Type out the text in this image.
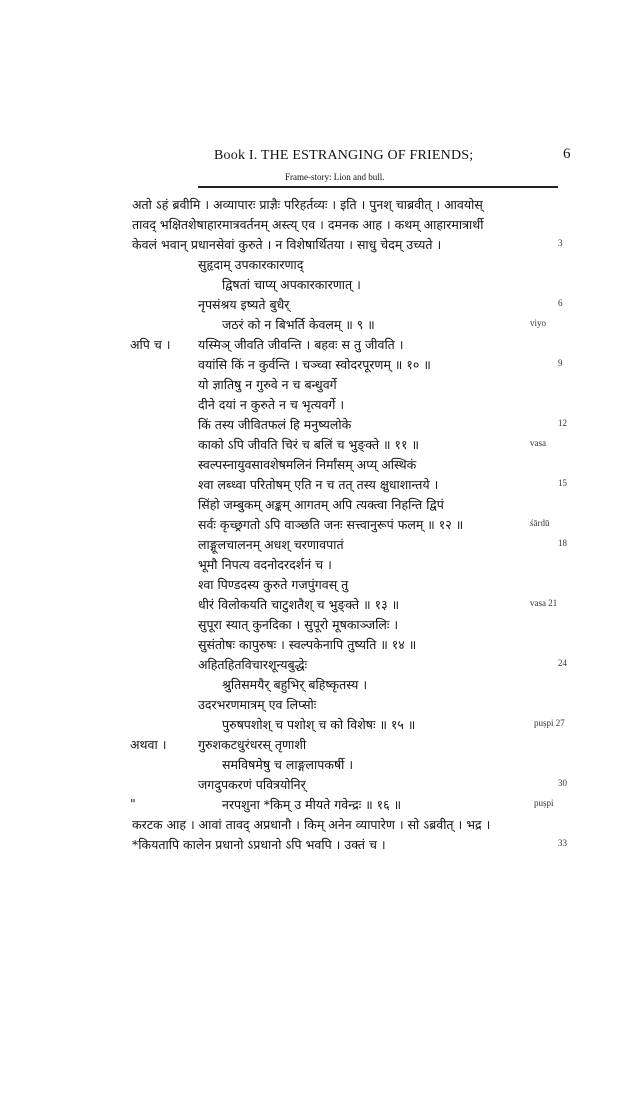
Book I. THE ESTRANGING OF FRIENDS;	6
Frame-story: Lion and bull.
अतो ऽहं ब्रवीमि । अव्यापारः प्राज्ञैः परिहर्तव्यः । इति । पुनश् चाब्रवीत् । आवयोस्
तावद् भक्षितशेषाहारमात्रवर्तनम् अस्त्य् एव । दमनक आह । कथम् आहारमात्रार्थी
केवलं भवान् प्रधानसेवां कुरुते । न विशेषार्थितया । साधु चेदम् उच्यते ।	3
सुहृदाम् उपकारकारणाद्
द्विषतां चाप्य् अपकारकारणात् ।
नृपसंश्रय इष्यते बुधैर्	6
जठरं को न बिभर्ति केवलम् ॥ ९ ॥	viyo
अपि च । यस्मिञ् जीवति जीवन्ति । बहवः स तु जीवति ।
वयांसि किं न कुर्वन्ति । चञ्च्वा स्वोदरपूरणम् ॥ १० ॥	9
यो ज्ञातिषु न गुरुवे न च बन्धुवर्गे
दीने दयां न कुरुते न च भृत्यवर्गे ।
किं तस्य जीवितफलं हि मनुष्यलोके	12
काको ऽपि जीवति चिरं च बलिं च भुङ्क्ते ॥ ११ ॥	vasa
स्वल्पस्नायुवसावशेषमलिनं निर्मांसम् अप्य् अस्थिकं
श्वा लब्ध्वा परितोषम् एति न च तत् तस्य क्षुधाशान्तये ।	15
सिंहो जम्बुकम् अङ्कम् आगतम् अपि त्यक्त्वा निहन्ति द्विपं
सर्वः कृच्छ्रगतो ऽपि वाञ्छति जनः सत्त्वानुरूपं फलम् ॥ १२ ॥	śārdū
लाङ्गूलचालनम् अधश् चरणावपातं	18
भूमौ निपत्य वदनोदरदर्शनं च ।
श्वा पिण्डदस्य कुरुते गजपुंगवस् तु
धीरं विलोकयति चाटुशतैश् च भुङ्क्ते ॥ १३ ॥	vasa 21
सुपूरा स्यात् कुनदिका । सुपूरो मूषकाञ्जलिः ।
सुसंतोषः कापुरुषः । स्वल्पकेनापि तुष्यति ॥ १४ ॥
अहितहितविचारशून्यबुद्धेः	24
श्रुतिसमयैर् बहुभिर् बहिष्कृतस्य ।
उदरभरणमात्रम् एव लिप्सोः
पुरुषपशोश् च पशोश् च को विशेषः ॥ १५ ॥	puṣpi 27
अथवा ।	गुरुशकटधुरंधरस् तृणाशी
समविषमेषु च लाङ्गलापकर्षी ।
जगदुपकरणं पवित्रयोनिर्	30
"	नरपशुना *किम् उ मीयते गवेन्द्रः ॥ १६ ॥	puṣpi
करटक आह । आवां तावद् अप्रधानौ । किम् अनेन व्यापारेण । सो ऽब्रवीत् । भद्र ।
*कियतापि कालेन प्रधानो ऽप्रधानो ऽपि भवपि । उक्तं च ।	33
